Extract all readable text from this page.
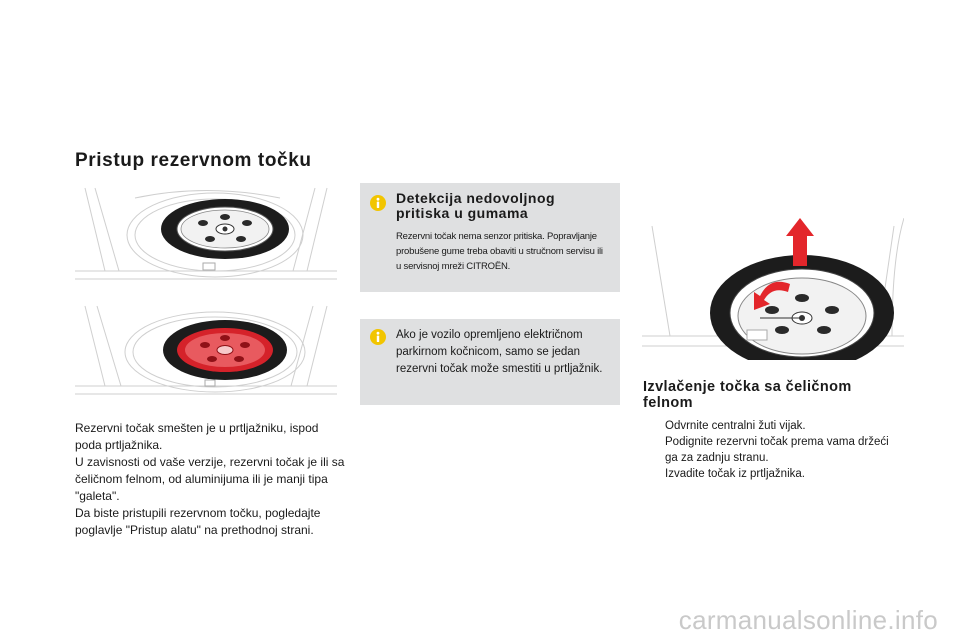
Pristup rezervnom točku

Rezervni točak smešten je u prtljažniku, ispod poda prtljažnika.

U zavisnosti od vaše verzije, rezervni točak je ili sa čeličnom felnom, od aluminijuma ili je manji tipa "galeta".

Da biste pristupili rezervnom točku, pogledajte poglavlje "Pristup alatu" na prethodnoj strani.

Detekcija nedovoljnog pritiska u gumama

Rezervni točak nema senzor pritiska. Popravljanje probušene gume treba obaviti u stručnom servisu ili u servisnoj mreži CITROËN.

Ako je vozilo opremljeno električnom parkirnom kočnicom, samo se jedan rezervni točak može smestiti u prtljažnik.

Izvlačenje točka sa čeličnom felnom
Odvrnite centralni žuti vijak.
Podignite rezervni točak prema vama držeći ga za zadnju stranu.
Izvadite točak iz prtljažnika.
carmanualsonline.info
